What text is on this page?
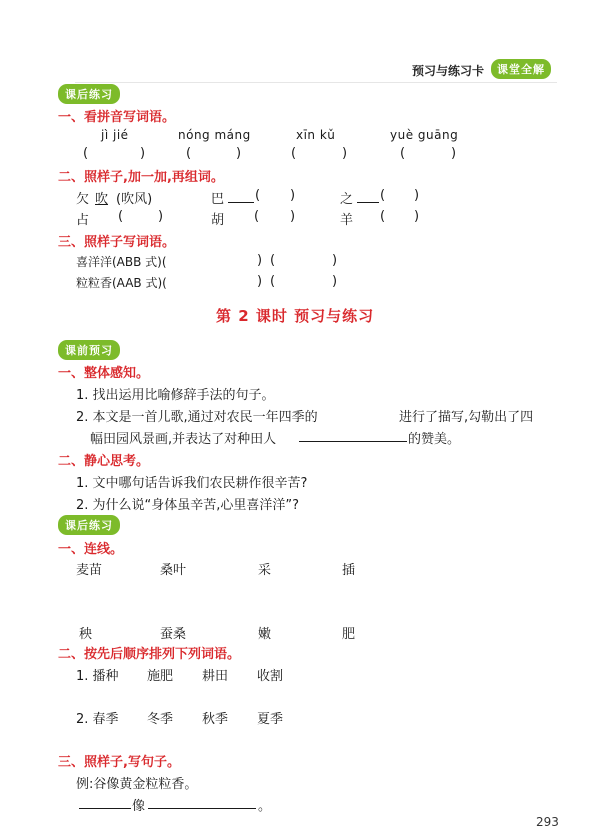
预习与练习卡	课堂全解
课后练习
一、看拼音写词语。
jì jié	nóng máng	xīn kǔ	yuè guāng
(	)	(	)	(	)	(	)
二、照样子,加一加,再组词。
欠 吹 (吹风)	巴 ( )	之 ( )
占 (	)	胡 ( )	羊 ( )
三、照样子写词语。
喜洋洋(ABB 式)(	) (	)
粒粒香(AAB 式)(	) (	)
第 2 课时 预习与练习
课前预习
一、整体感知。
1. 找出运用比喻修辞手法的句子。
2. 本文是一首儿歌,通过对农民一年四季的	进行了描写,勾勒出了四
幅田园风景画,并表达了对种田人	的赞美。
二、静心思考。
1. 文中哪句话告诉我们农民耕作很辛苦?
2. 为什么说“身体虽辛苦,心里喜洋洋”?
课后练习
一、连线。
麦苗	桑叶	采	插
秧	蚕桑	嫩	肥
二、按先后顺序排列下列词语。
1. 播种 施肥 耕田 收割
2. 春季 冬季 秋季 夏季
三、照样子,写句子。
例:谷像黄金粒粒香。
像	。
293
